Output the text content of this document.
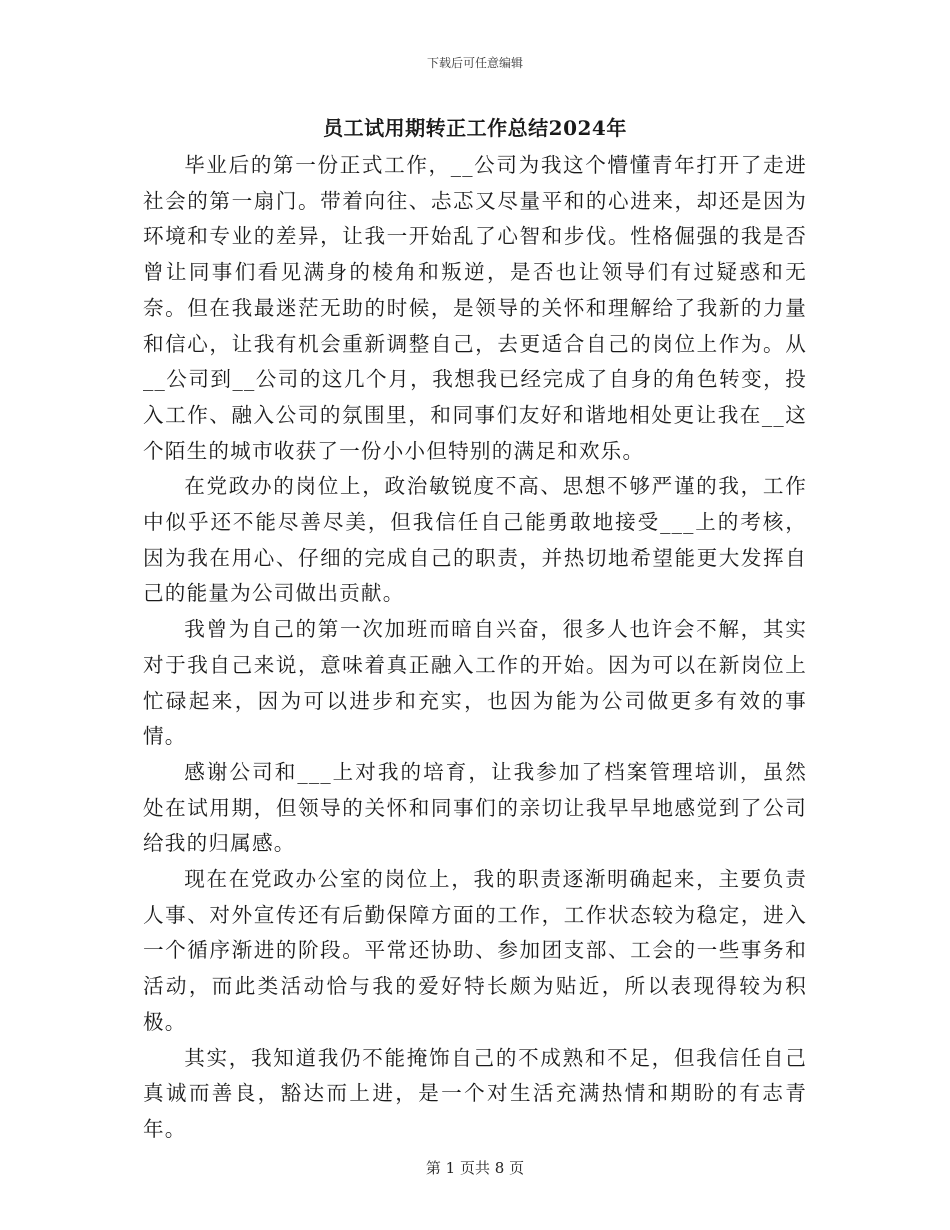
下载后可任意编辑
员工试用期转正工作总结2024年

毕业后的第一份正式工作，__公司为我这个懵懂青年打开了走进社会的第一扇门。带着向往、忐忑又尽量平和的心进来，却还是因为环境和专业的差异，让我一开始乱了心智和步伐。性格倔强的我是否曾让同事们看见满身的棱角和叛逆，是否也让领导们有过疑惑和无奈。但在我最迷茫无助的时候，是领导的关怀和理解给了我新的力量和信心，让我有机会重新调整自己，去更适合自己的岗位上作为。从__公司到__公司的这几个月，我想我已经完成了自身的角色转变，投入工作、融入公司的氛围里，和同事们友好和谐地相处更让我在__这个陌生的城市收获了一份小小但特别的满足和欢乐。

在党政办的岗位上，政治敏锐度不高、思想不够严谨的我，工作中似乎还不能尽善尽美，但我信任自己能勇敢地接受___上的考核，因为我在用心、仔细的完成自己的职责，并热切地希望能更大发挥自己的能量为公司做出贡献。

我曾为自己的第一次加班而暗自兴奋，很多人也许会不解，其实对于我自己来说，意味着真正融入工作的开始。因为可以在新岗位上忙碌起来，因为可以进步和充实，也因为能为公司做更多有效的事情。

感谢公司和___上对我的培育，让我参加了档案管理培训，虽然处在试用期，但领导的关怀和同事们的亲切让我早早地感觉到了公司给我的归属感。

现在在党政办公室的岗位上，我的职责逐渐明确起来，主要负责人事、对外宣传还有后勤保障方面的工作，工作状态较为稳定，进入一个循序渐进的阶段。平常还协助、参加团支部、工会的一些事务和活动，而此类活动恰与我的爱好特长颇为贴近，所以表现得较为积极。

其实，我知道我仍不能掩饰自己的不成熟和不足，但我信任自己真诚而善良，豁达而上进，是一个对生活充满热情和期盼的有志青年。

第 1 页共 8 页
